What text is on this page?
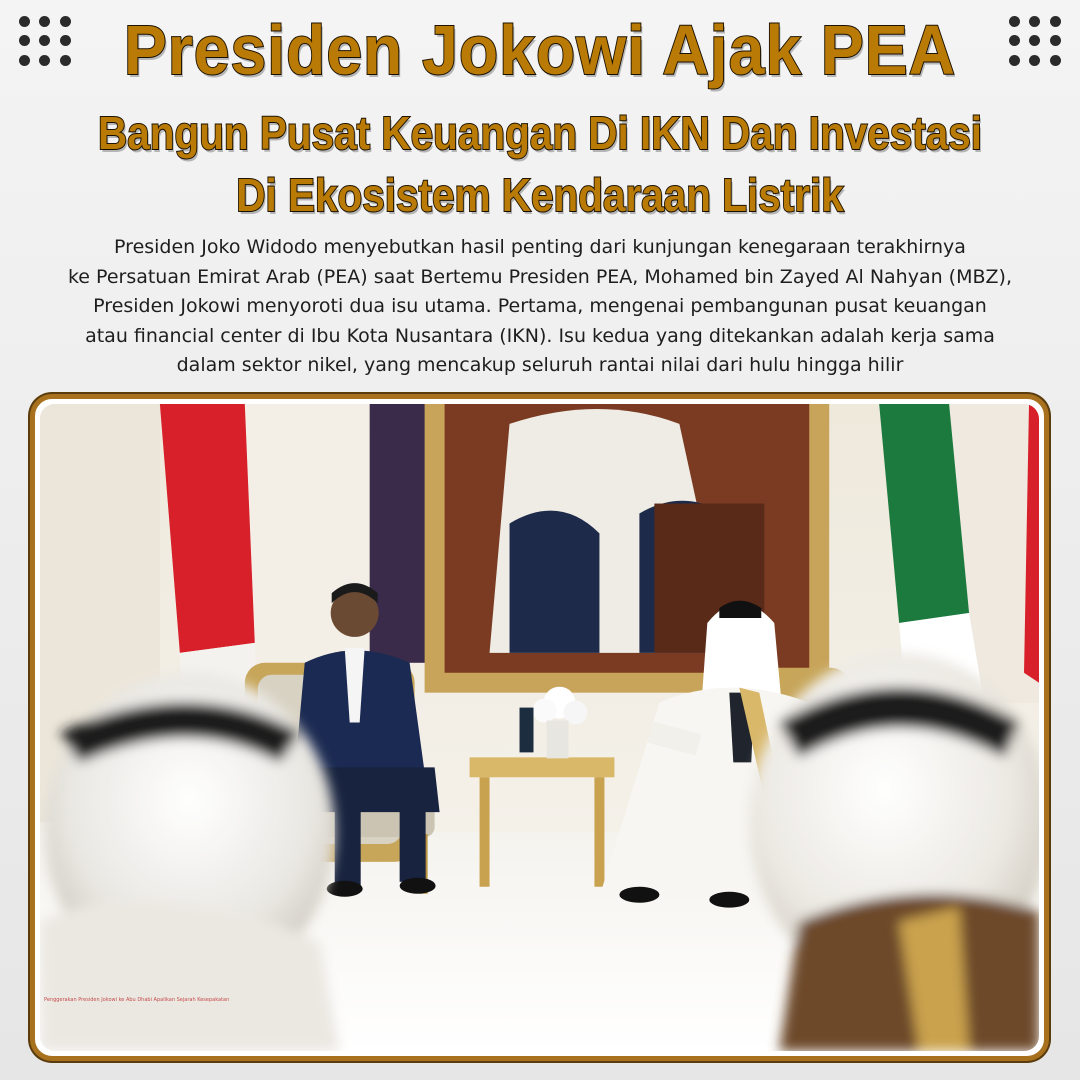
Presiden Jokowi Ajak PEA
Bangun Pusat Keuangan Di IKN Dan Investasi
Di Ekosistem Kendaraan Listrik
Presiden Joko Widodo menyebutkan hasil penting dari kunjungan kenegaraan terakhirnya
ke Persatuan Emirat Arab (PEA) saat Bertemu Presiden PEA, Mohamed bin Zayed Al Nahyan (MBZ),
Presiden Jokowi menyoroti dua isu utama. Pertama, mengenai pembangunan pusat keuangan
atau financial center di Ibu Kota Nusantara (IKN). Isu kedua yang ditekankan adalah kerja sama
dalam sektor nikel, yang mencakup seluruh rantai nilai dari hulu hingga hilir
Penggerakan Presiden Jokowi ke Abu Dhabi Apalikan Sejarah Kesepakatan
